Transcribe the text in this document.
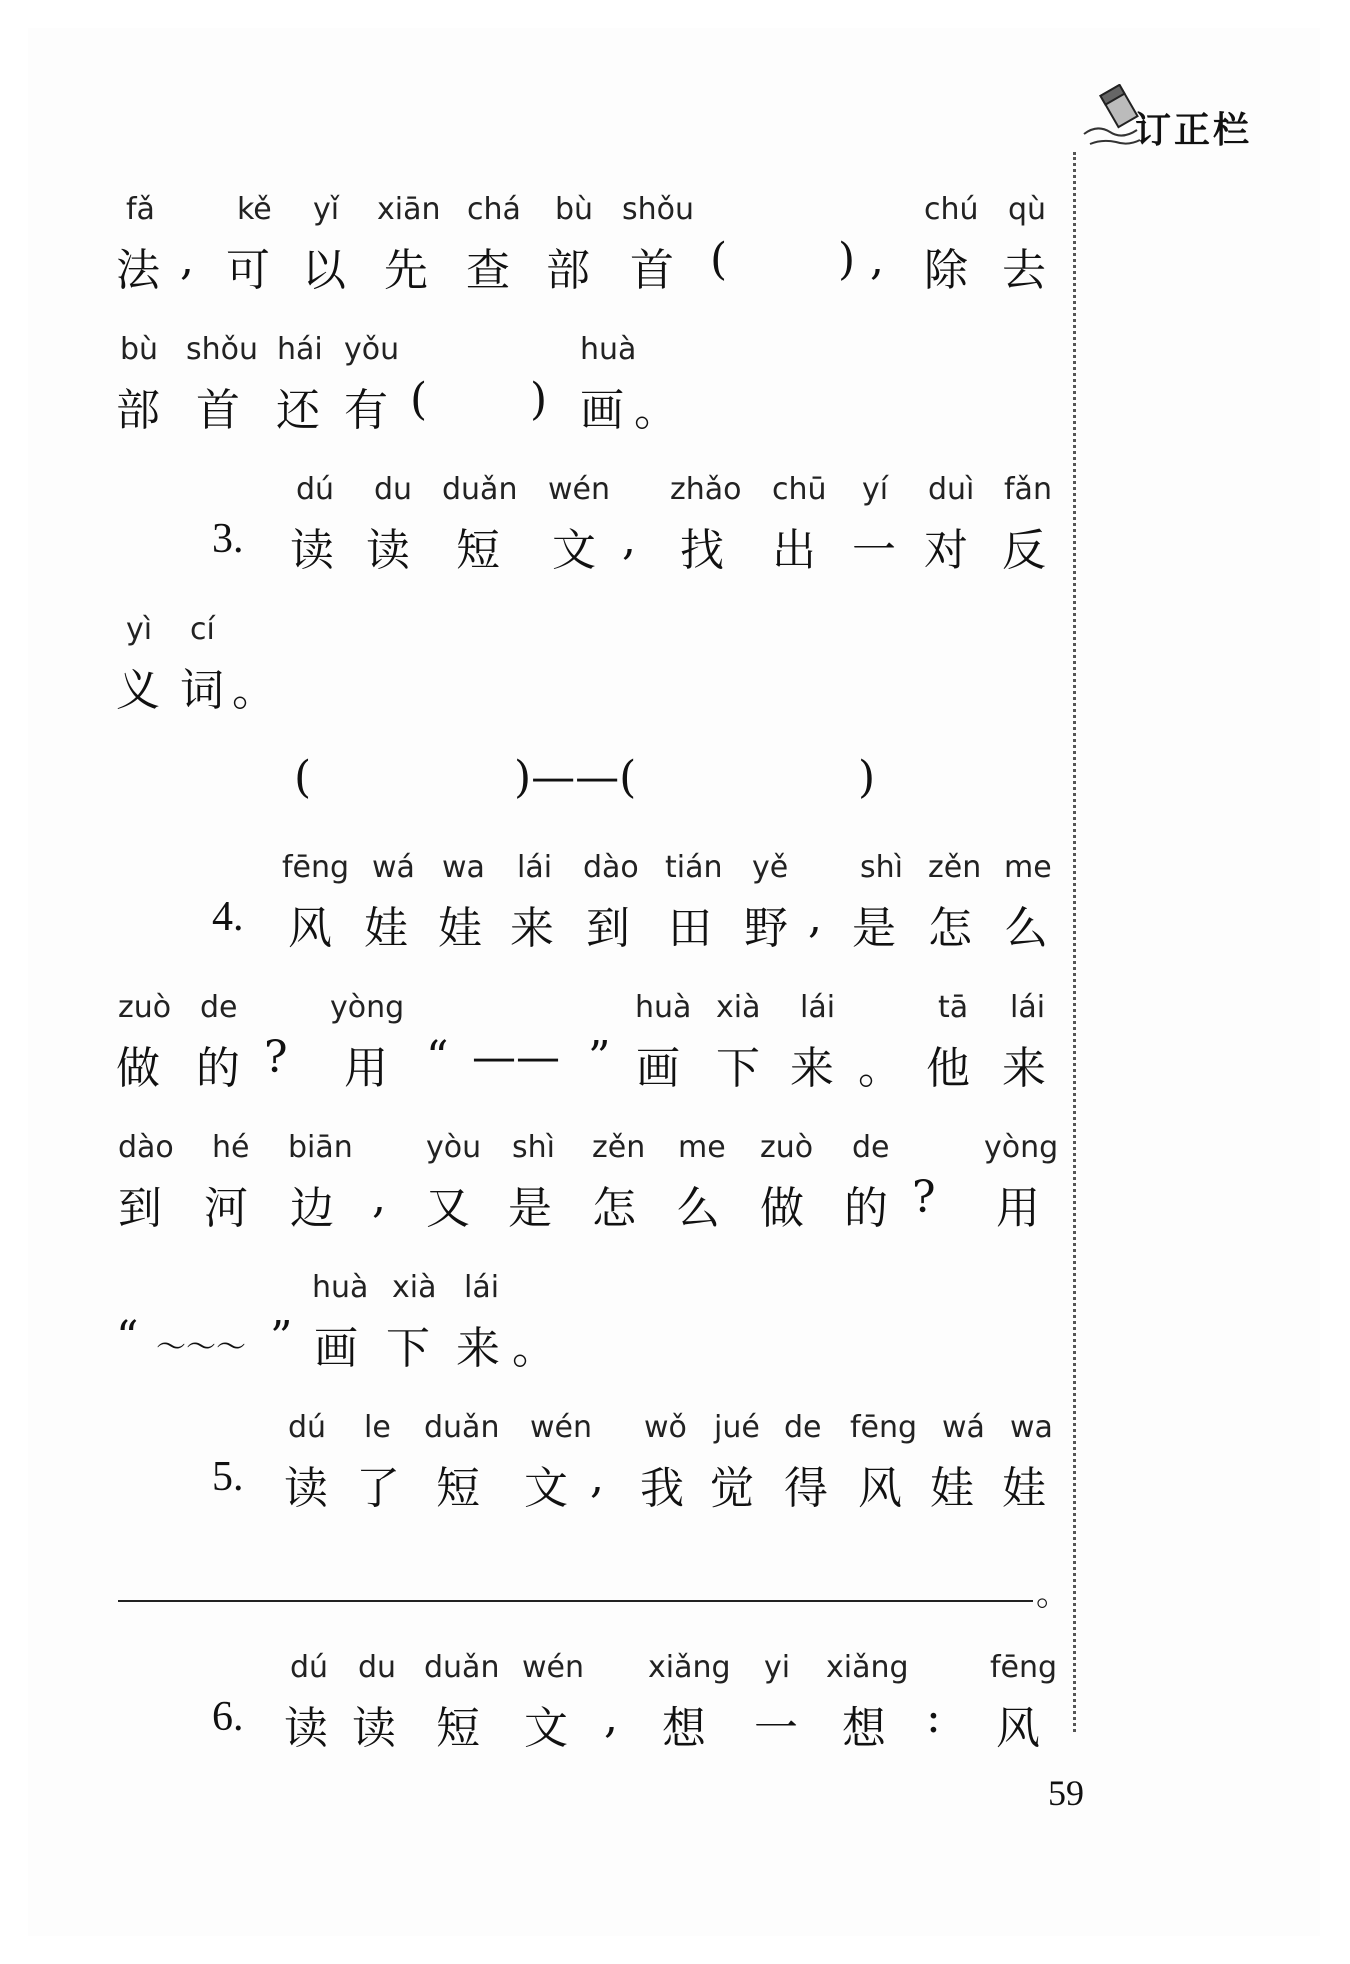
订正栏
fǎ	kě yǐ xiān chá bù shǒu	chú qù
法 , 可 以 先 查 部 首 (	) , 除 去
bù shǒu hái yǒu	huà
部 首 还 有 ( ) 画 。
dú du duǎn wén zhǎo chū yí duì fǎn
3. 读 读 短 文 , 找 出 一 对 反
yì cí
义 词 。
(	)——(	)
fēng wá wa lái dào tián yě shì zěn me
4. 风 娃 娃 来 到 田 野 , 是 怎 么
zuò de	yòng	huà xià lái	tā lái
做 的 ? 用 “ —— ” 画 下 来 。 他 来
dào hé biān yòu shì zěn me zuò de	yòng
到 河 边 , 又 是 怎 么 做 的 ? 用
huà xià lái
“ ～～～ ” 画 下 来 。
dú le duǎn wén wǒ jué de fēng wá wa
5. 读 了 短 文 , 我 觉 得 风 娃 娃
。
dú du duǎn wén xiǎng yi xiǎng	fēng
6. 读 读 短 文 , 想 一 想 : 风
59
